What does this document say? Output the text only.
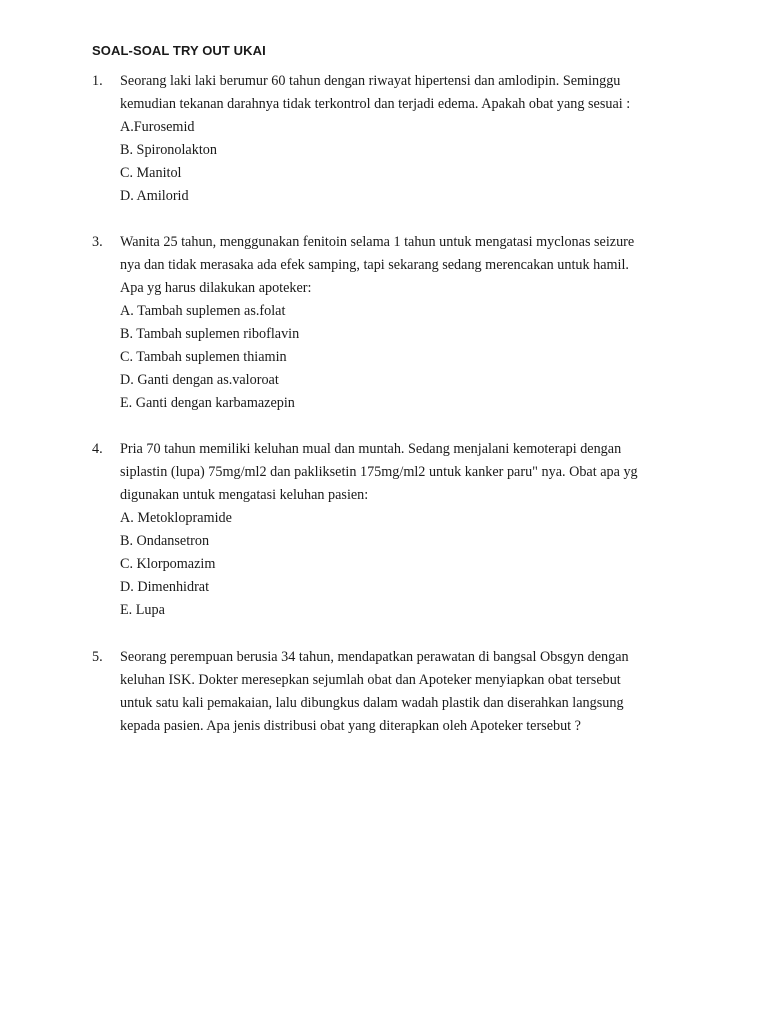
SOAL-SOAL TRY OUT UKAI
1. Seorang laki laki berumur 60 tahun dengan riwayat hipertensi dan amlodipin. Seminggu kemudian tekanan darahnya tidak terkontrol dan terjadi edema. Apakah obat yang sesuai :
A.Furosemid
B. Spironolakton
C. Manitol
D. Amilorid
3. Wanita 25 tahun, menggunakan fenitoin selama 1 tahun untuk mengatasi myclonas seizure nya dan tidak merasaka ada efek samping, tapi sekarang sedang merencakan untuk hamil. Apa yg harus dilakukan apoteker:
A. Tambah suplemen as.folat
B. Tambah suplemen riboflavin
C. Tambah suplemen thiamin
D. Ganti dengan as.valoroat
E. Ganti dengan karbamazepin
4. Pria 70 tahun memiliki keluhan mual dan muntah. Sedang menjalani kemoterapi dengan siplastin (lupa) 75mg/ml2 dan paklikseti​n 175mg/ml2 untuk kanker paru" nya. Obat apa yg digunakan untuk mengatasi keluhan pasien:
A. Metoklopramide
B. Ondansetron
C. Klorpomazim
D. Dimenhidrat
E. Lupa
5. Seorang perempuan berusia 34 tahun, mendapatkan perawatan di bangsal Obsgyn dengan keluhan ISK. Dokter meresepkan sejumlah obat dan Apoteker menyiapkan obat tersebut untuk satu kali pemakaian, lalu dibungkus dalam wadah plastik dan diserahkan langsung kepada pasien. Apa jenis distribusi obat yang diterapkan oleh Apoteker tersebut ?
